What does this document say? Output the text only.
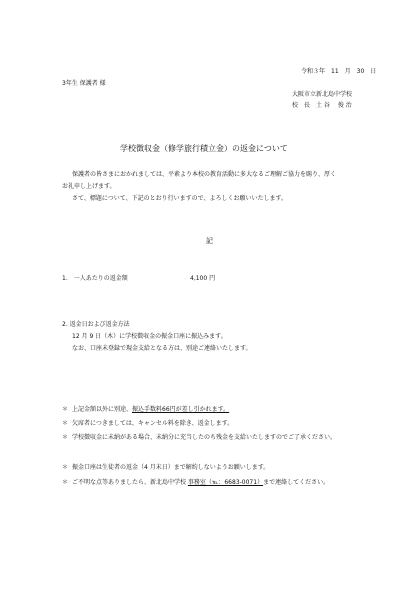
令和３年　11　月　30　日
3年生 保護者 様
大阪市立新北島中学校
校　長　土 谷　 俊 治
学校徴収金（修学旅行積立金）の返金について
保護者の皆さまにおかれましては、平素より本校の教育活動に多大なるご理解ご協力を賜り、厚く
お礼申し上げます。
さて、標題について、下記のとおり行いますので、よろしくお願いいたします。
記
1.　一人あたりの返金額	4,100 円
2. 返金日および返金方法
12 月 9 日（木）に学校徴収金の振金口座に振込みます。
なお、口座未登録で現金支給となる方は、別途ご連絡いたします。
＊ 上記金額以外に別途、振込手数料66円が差し引かれます。
＊ 欠席者につきましては、キャンセル料を除き、返金します。
＊ 学校徴収金に未納がある場合、未納分に充当したのち残金を支給いたしますのでご了承ください。
＊ 振金口座は生徒者の返金（4 月末日）まで解約しないようお願いします。
＊ ご不明な点等ありましたら、新北島中学校 事務室（℡：6683-0071）まで連絡してください。
